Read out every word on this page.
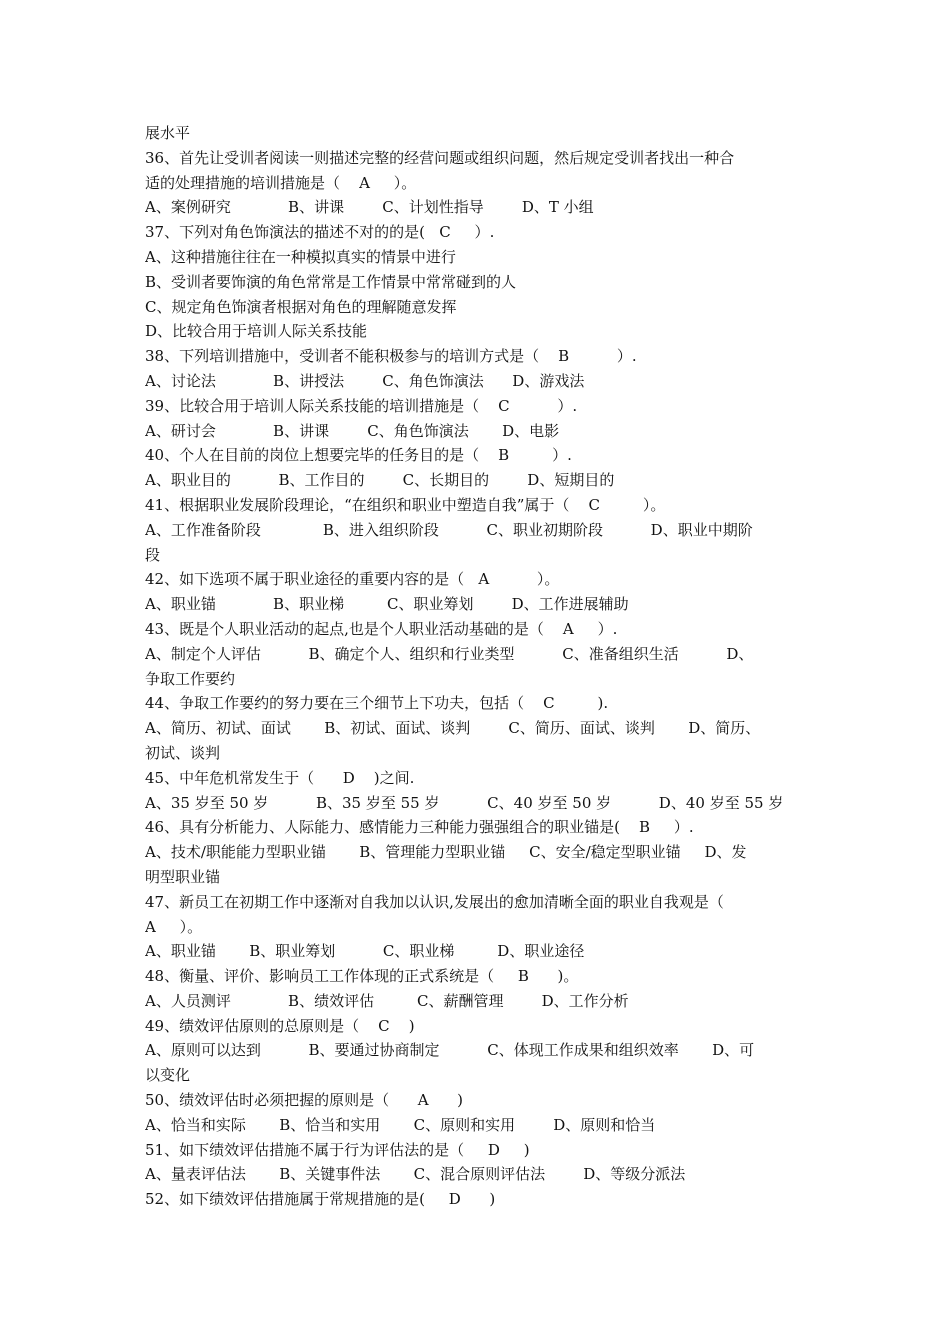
展水平
36、首先让受训者阅读一则描述完整的经营问题或组织问题，然后规定受训者找出一种合
适的处理措施的培训措施是（    A     ）。
A、案例研究            B、讲课        C、计划性指导        D、T 小组
37、下列对角色饰演法的描述不对的的是(   C     ）.
A、这种措施往往在一种模拟真实的情景中进行
B、受训者要饰演的角色常常是工作情景中常常碰到的人
C、规定角色饰演者根据对角色的理解随意发挥
D、比较合用于培训人际关系技能
38、下列培训措施中，受训者不能积极参与的培训方式是（    B          ）.
A、讨论法            B、讲授法        C、角色饰演法      D、游戏法
39、比较合用于培训人际关系技能的培训措施是（    C          ）.
A、研讨会            B、讲课        C、角色饰演法       D、电影
40、个人在目前的岗位上想要完毕的任务目的是（    B         ）.
A、职业目的          B、工作目的        C、长期目的        D、短期目的
41、根据职业发展阶段理论，“在组织和职业中塑造自我”属于（    C         ）。
A、工作准备阶段             B、进入组织阶段          C、职业初期阶段          D、职业中期阶
段
42、如下选项不属于职业途径的重要内容的是（   A          ）。
A、职业锚            B、职业梯         C、职业筹划        D、工作进展辅助
43、既是个人职业活动的起点,也是个人职业活动基础的是（    A     ）.
A、制定个人评估          B、确定个人、组织和行业类型          C、准备组织生活          D、
争取工作要约
44、争取工作要约的努力要在三个细节上下功夫，包括（    C         ).
A、简历、初试、面试       B、初试、面试、谈判        C、简历、面试、谈判       D、简历、
初试、谈判
45、中年危机常发生于（      D    )之间.
A、35 岁至 50 岁          B、35 岁至 55 岁          C、40 岁至 50 岁          D、40 岁至 55 岁
46、具有分析能力、人际能力、感情能力三种能力强强组合的职业锚是(    B     ）.
A、技术/职能能力型职业锚       B、管理能力型职业锚     C、安全/稳定型职业锚     D、发
明型职业锚
47、新员工在初期工作中逐渐对自我加以认识,发展出的愈加清晰全面的职业自我观是（
A     ）。
A、职业锚       B、职业筹划          C、职业梯         D、职业途径
48、衡量、评价、影响员工工作体现的正式系统是（     B      )。
A、人员测评            B、绩效评估         C、薪酬管理        D、工作分析
49、绩效评估原则的总原则是（    C    )
A、原则可以达到          B、要通过协商制定          C、体现工作成果和组织效率       D、可
以变化
50、绩效评估时必须把握的原则是（      A      )
A、恰当和实际       B、恰当和实用       C、原则和实用        D、原则和恰当
51、如下绩效评估措施不属于行为评估法的是（     D     )
A、量表评估法       B、关键事件法       C、混合原则评估法        D、等级分派法
52、如下绩效评估措施属于常规措施的是(     D      )
